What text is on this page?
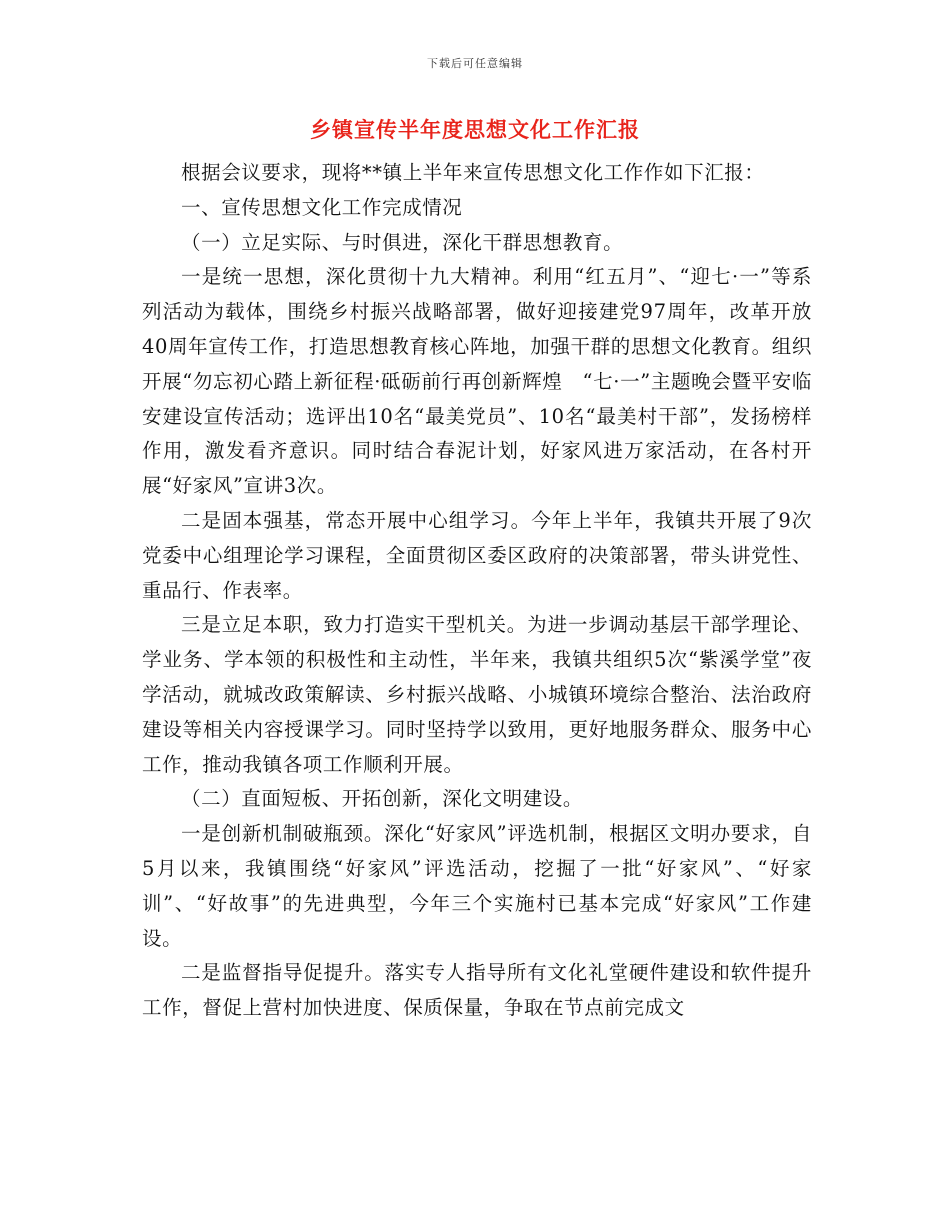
下载后可任意编辑
乡镇宣传半年度思想文化工作汇报

根据会议要求，现将**镇上半年来宣传思想文化工作作如下汇报：

一、宣传思想文化工作完成情况

（一）立足实际、与时俱进，深化干群思想教育。

一是统一思想，深化贯彻十九大精神。利用“红五月”、“迎七·一”等系列活动为载体，围绕乡村振兴战略部署，做好迎接建党97周年，改革开放40周年宣传工作，打造思想教育核心阵地，加强干群的思想文化教育。组织开展“勿忘初心踏上新征程·砥砺前行再创新辉煌　“七·一”主题晚会暨平安临安建设宣传活动；选评出10名“最美党员”、10名“最美村干部”，发扬榜样作用，激发看齐意识。同时结合春泥计划，好家风进万家活动，在各村开展“好家风”宣讲3次。

二是固本强基，常态开展中心组学习。今年上半年，我镇共开展了9次党委中心组理论学习课程，全面贯彻区委区政府的决策部署，带头讲党性、重品行、作表率。

三是立足本职，致力打造实干型机关。为进一步调动基层干部学理论、学业务、学本领的积极性和主动性，半年来，我镇共组织5次“紫溪学堂”夜学活动，就城改政策解读、乡村振兴战略、小城镇环境综合整治、法治政府建设等相关内容授课学习。同时坚持学以致用，更好地服务群众、服务中心工作，推动我镇各项工作顺利开展。

（二）直面短板、开拓创新，深化文明建设。

一是创新机制破瓶颈。深化“好家风”评选机制，根据区文明办要求，自5月以来，我镇围绕“好家风”评选活动，挖掘了一批“好家风”、“好家训”、“好故事”的先进典型，今年三个实施村已基本完成“好家风”工作建设。

二是监督指导促提升。落实专人指导所有文化礼堂硬件建设和软件提升工作，督促上营村加快进度、保质保量，争取在节点前完成文
